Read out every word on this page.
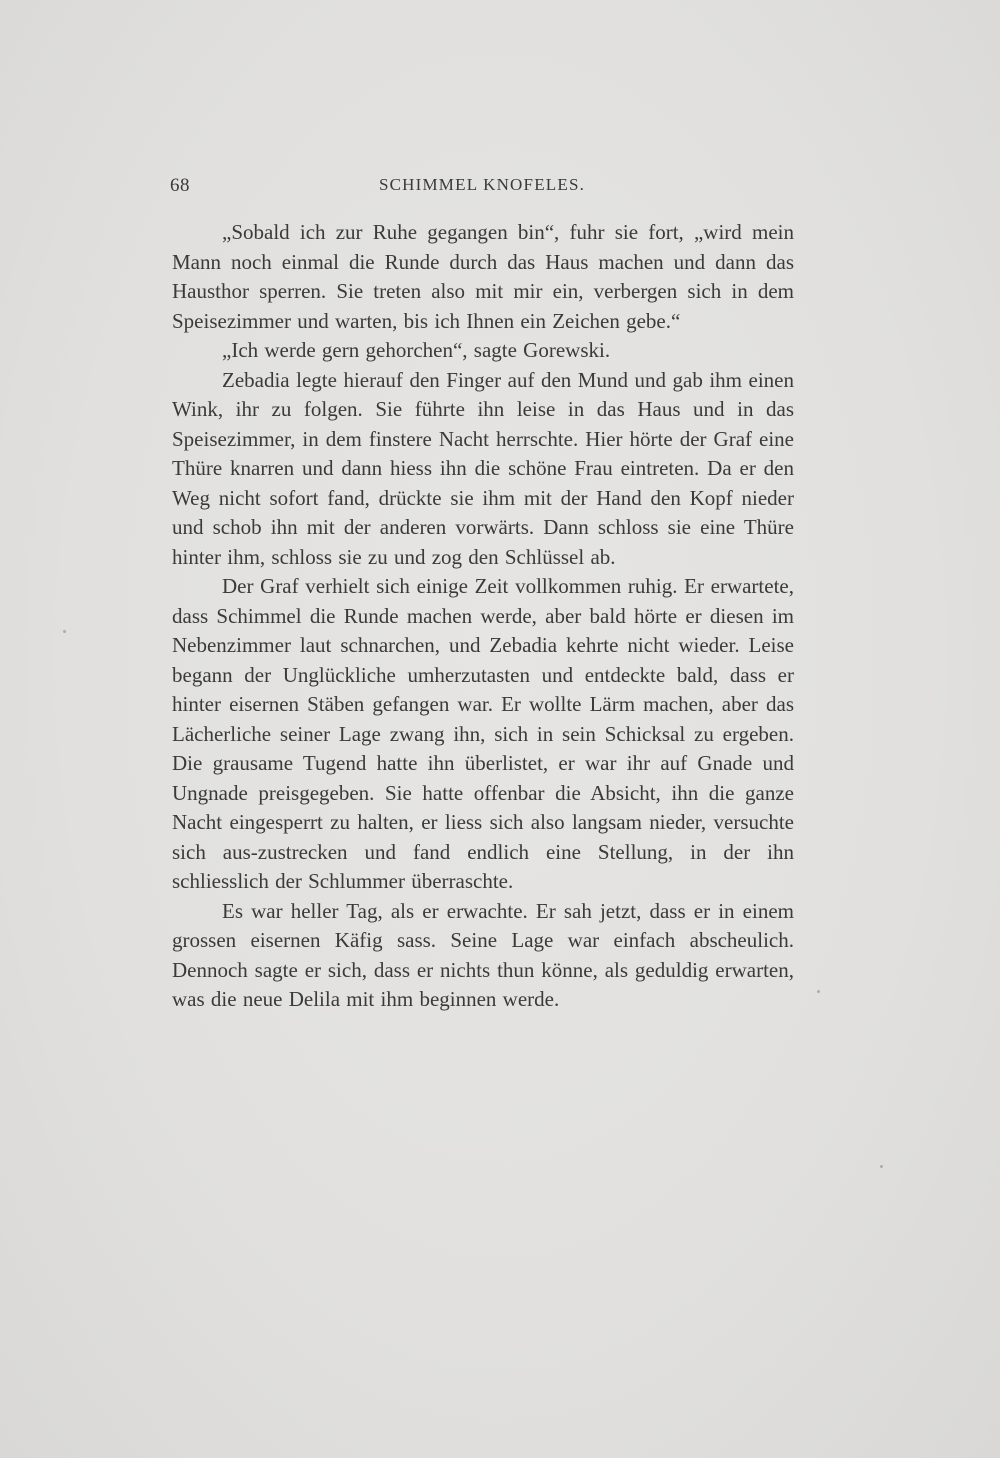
68	SCHIMMEL KNOFELES.

„Sobald ich zur Ruhe gegangen bin“, fuhr sie fort, „wird mein Mann noch einmal die Runde durch das Haus machen und dann das Hausthor sperren. Sie treten also mit mir ein, verbergen sich in dem Speisezimmer und warten, bis ich Ihnen ein Zeichen gebe.“

„Ich werde gern gehorchen“, sagte Gorewski.

Zebadia legte hierauf den Finger auf den Mund und gab ihm einen Wink, ihr zu folgen. Sie führte ihn leise in das Haus und in das Speisezimmer, in dem finstere Nacht herrschte. Hier hörte der Graf eine Thüre knarren und dann hiess ihn die schöne Frau eintreten. Da er den Weg nicht sofort fand, drückte sie ihm mit der Hand den Kopf nieder und schob ihn mit der anderen vorwärts. Dann schloss sie eine Thüre hinter ihm, schloss sie zu und zog den Schlüssel ab.

Der Graf verhielt sich einige Zeit vollkommen ruhig. Er erwartete, dass Schimmel die Runde machen werde, aber bald hörte er diesen im Nebenzimmer laut schnarchen, und Zebadia kehrte nicht wieder. Leise begann der Unglückliche umherzutasten und entdeckte bald, dass er hinter eisernen Stäben gefangen war. Er wollte Lärm machen, aber das Lächerliche seiner Lage zwang ihn, sich in sein Schicksal zu ergeben. Die grausame Tugend hatte ihn überlistet, er war ihr auf Gnade und Ungnade preisgegeben. Sie hatte offenbar die Absicht, ihn die ganze Nacht eingesperrt zu halten, er liess sich also langsam nieder, versuchte sich aus-zustrecken und fand endlich eine Stellung, in der ihn schliesslich der Schlummer überraschte.

Es war heller Tag, als er erwachte. Er sah jetzt, dass er in einem grossen eisernen Käfig sass. Seine Lage war einfach abscheulich. Dennoch sagte er sich, dass er nichts thun könne, als geduldig erwarten, was die neue Delila mit ihm beginnen werde.
